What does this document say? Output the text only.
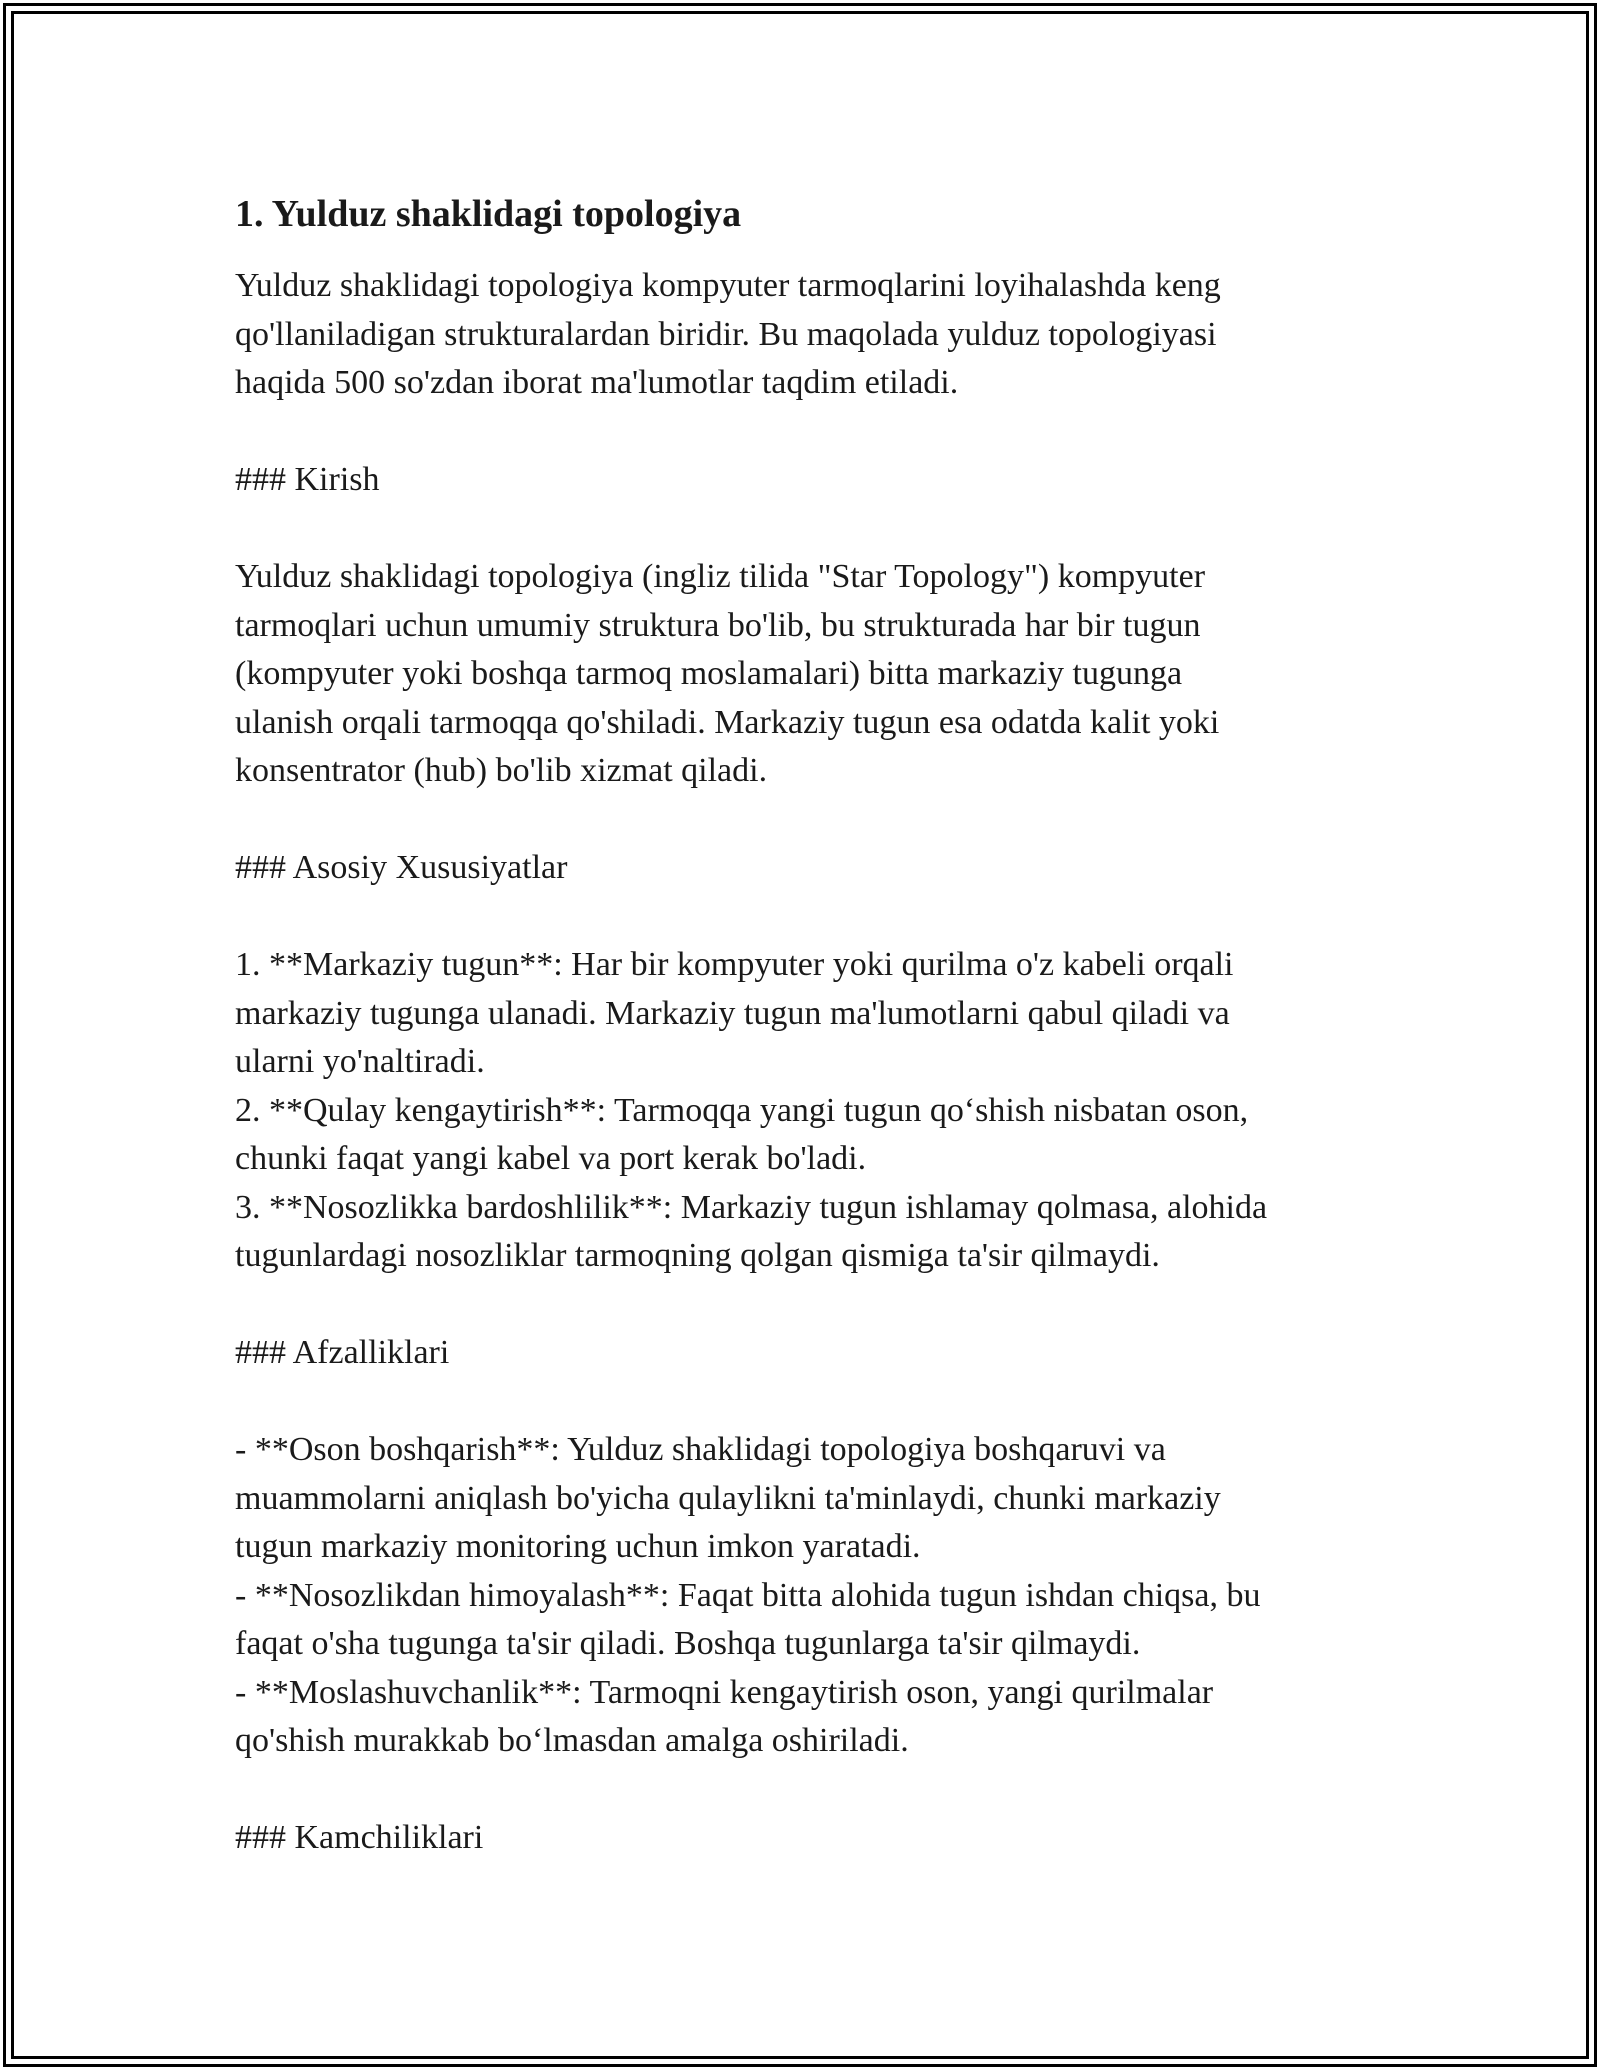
1. Yulduz shaklidagi topologiya
Yulduz shaklidagi topologiya kompyuter tarmoqlarini loyihalashda keng
qo'llaniladigan strukturalardan biridir. Bu maqolada yulduz topologiyasi
haqida 500 so'zdan iborat ma'lumotlar taqdim etiladi.
### Kirish
Yulduz shaklidagi topologiya (ingliz tilida "Star Topology") kompyuter
tarmoqlari uchun umumiy struktura bo'lib, bu strukturada har bir tugun
(kompyuter yoki boshqa tarmoq moslamalari) bitta markaziy tugunga
ulanish orqali tarmoqqa qo'shiladi. Markaziy tugun esa odatda kalit yoki
konsentrator (hub) bo'lib xizmat qiladi.
### Asosiy Xususiyatlar
1. **Markaziy tugun**: Har bir kompyuter yoki qurilma o'z kabeli orqali
markaziy tugunga ulanadi. Markaziy tugun ma'lumotlarni qabul qiladi va
ularni yo'naltiradi.
2. **Qulay kengaytirish**: Tarmoqqa yangi tugun qo‘shish nisbatan oson,
chunki faqat yangi kabel va port kerak bo'ladi.
3. **Nosozlikka bardoshlilik**: Markaziy tugun ishlamay qolmasa, alohida
tugunlardagi nosozliklar tarmoqning qolgan qismiga ta'sir qilmaydi.
### Afzalliklari
- **Oson boshqarish**: Yulduz shaklidagi topologiya boshqaruvi va
muammolarni aniqlash bo'yicha qulaylikni ta'minlaydi, chunki markaziy
tugun markaziy monitoring uchun imkon yaratadi.
- **Nosozlikdan himoyalash**: Faqat bitta alohida tugun ishdan chiqsa, bu
faqat o'sha tugunga ta'sir qiladi. Boshqa tugunlarga ta'sir qilmaydi.
- **Moslashuvchanlik**: Tarmoqni kengaytirish oson, yangi qurilmalar
qo'shish murakkab bo‘lmasdan amalga oshiriladi.
### Kamchiliklari
